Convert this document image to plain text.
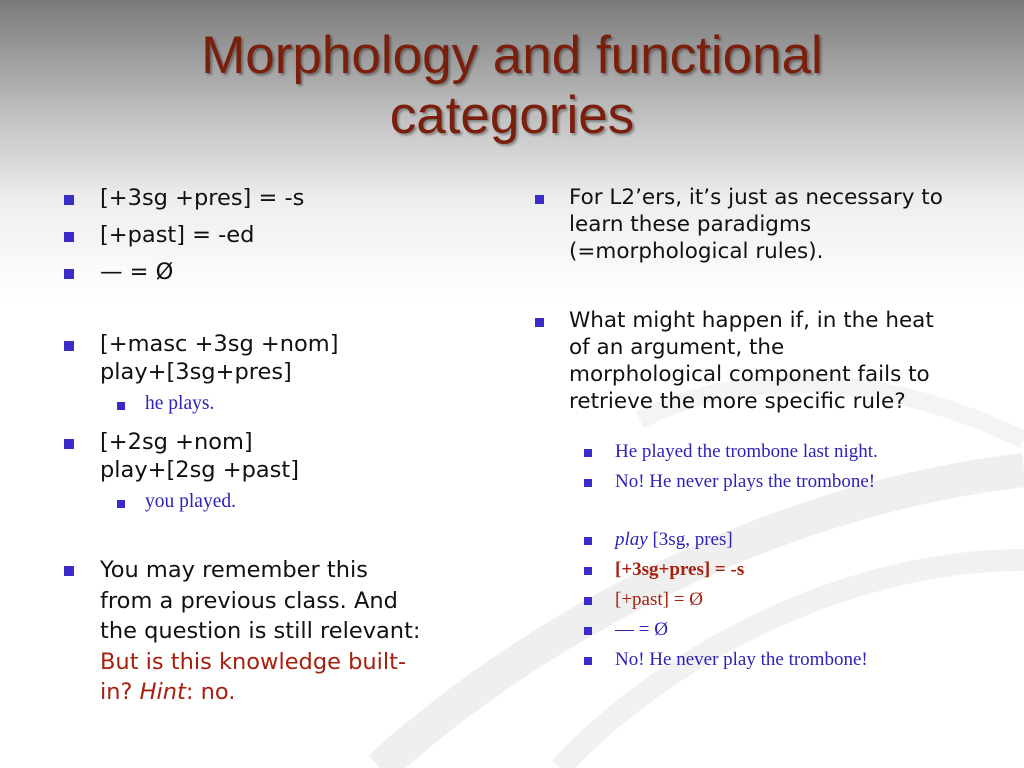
Morphology and functional
categories
[+3sg +pres] = -s
[+past] = -ed
— = Ø
[+masc +3sg +nom]
play+[3sg+pres]
he plays.
[+2sg +nom]
play+[2sg +past]
you played.
You may remember this
from a previous class. And
the question is still relevant:
But is this knowledge built-
in? Hint: no.
For L2’ers, it’s just as necessary to
learn these paradigms
(=morphological rules).
What might happen if, in the heat
of an argument, the
morphological component fails to
retrieve the more specific rule?
He played the trombone last night.
No! He never plays the trombone!
play [3sg, pres]
[+3sg+pres] = -s
[+past] = Ø
— = Ø
No! He never play the trombone!
